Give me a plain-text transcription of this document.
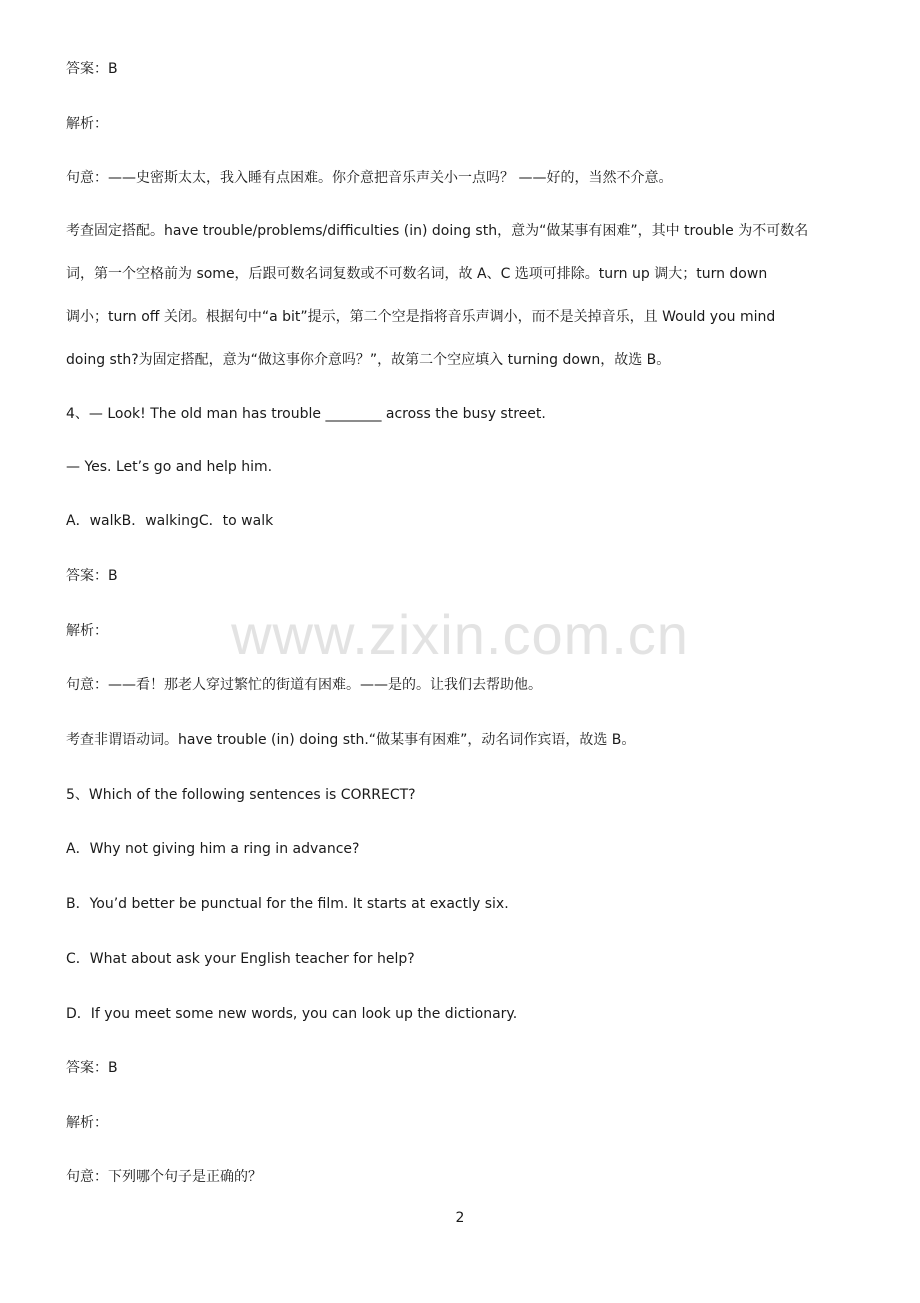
www.zixin.com.cn
答案：B
解析：
句意：——史密斯太太，我入睡有点困难。你介意把音乐声关小一点吗？ ——好的，当然不介意。
考查固定搭配。have trouble/problems/difficulties (in) doing sth，意为“做某事有困难”，其中 trouble 为不可数名
词，第一个空格前为 some，后跟可数名词复数或不可数名词，故 A、C 选项可排除。turn up 调大；turn down
调小；turn off 关闭。根据句中“a bit”提示，第二个空是指将音乐声调小，而不是关掉音乐，且 Would you mind
doing sth?为固定搭配，意为“做这事你介意吗？”，故第二个空应填入 turning down，故选 B。
4、— Look! The old man has trouble ________ across the busy street.
— Yes. Let’s go and help him.
A．walkB．walkingC．to walk
答案：B
解析：
句意：——看！那老人穿过繁忙的街道有困难。——是的。让我们去帮助他。
考查非谓语动词。have trouble (in) doing sth.“做某事有困难”，动名词作宾语，故选 B。
5、Which of the following sentences is CORRECT?
A．Why not giving him a ring in advance?
B．You’d better be punctual for the film. It starts at exactly six.
C．What about ask your English teacher for help?
D．If you meet some new words, you can look up the dictionary.
答案：B
解析：
句意：下列哪个句子是正确的？
2
